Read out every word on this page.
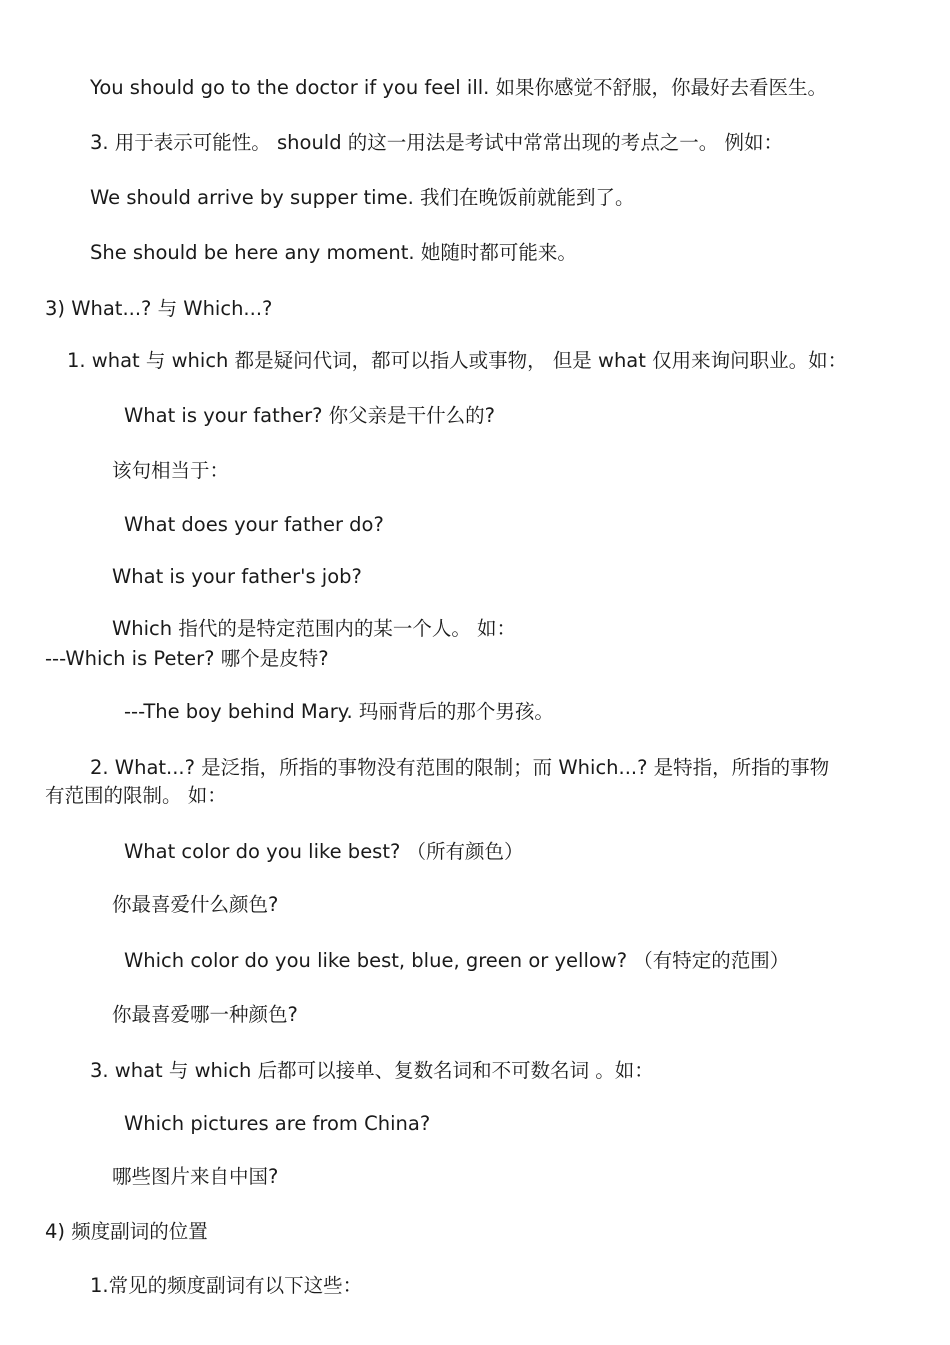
You should go to the doctor if you feel ill. 如果你感觉不舒服，你最好去看医生。

3. 用于表示可能性。 should 的这一用法是考试中常常出现的考点之一。 例如：

We should arrive by supper time. 我们在晚饭前就能到了。

She should be here any moment. 她随时都可能来。

3) What...? 与 Which...?

1. what 与 which 都是疑问代词，都可以指人或事物， 但是 what 仅用来询问职业。如：

What is your father? 你父亲是干什么的?

该句相当于：

What does your father do?

What is your father's job?

Which 指代的是特定范围内的某一个人。 如：

---Which is Peter? 哪个是皮特?

---The boy behind Mary. 玛丽背后的那个男孩。

2. What...? 是泛指，所指的事物没有范围的限制；而 Which...? 是特指，所指的事物

有范围的限制。 如：

What color do you like best? （所有颜色）

你最喜爱什么颜色?

Which color do you like best, blue, green or yellow? （有特定的范围）

你最喜爱哪一种颜色?

3. what 与 which 后都可以接单、复数名词和不可数名词 。如：

Which pictures are from China?

哪些图片来自中国?

4) 频度副词的位置

1.常见的频度副词有以下这些：
